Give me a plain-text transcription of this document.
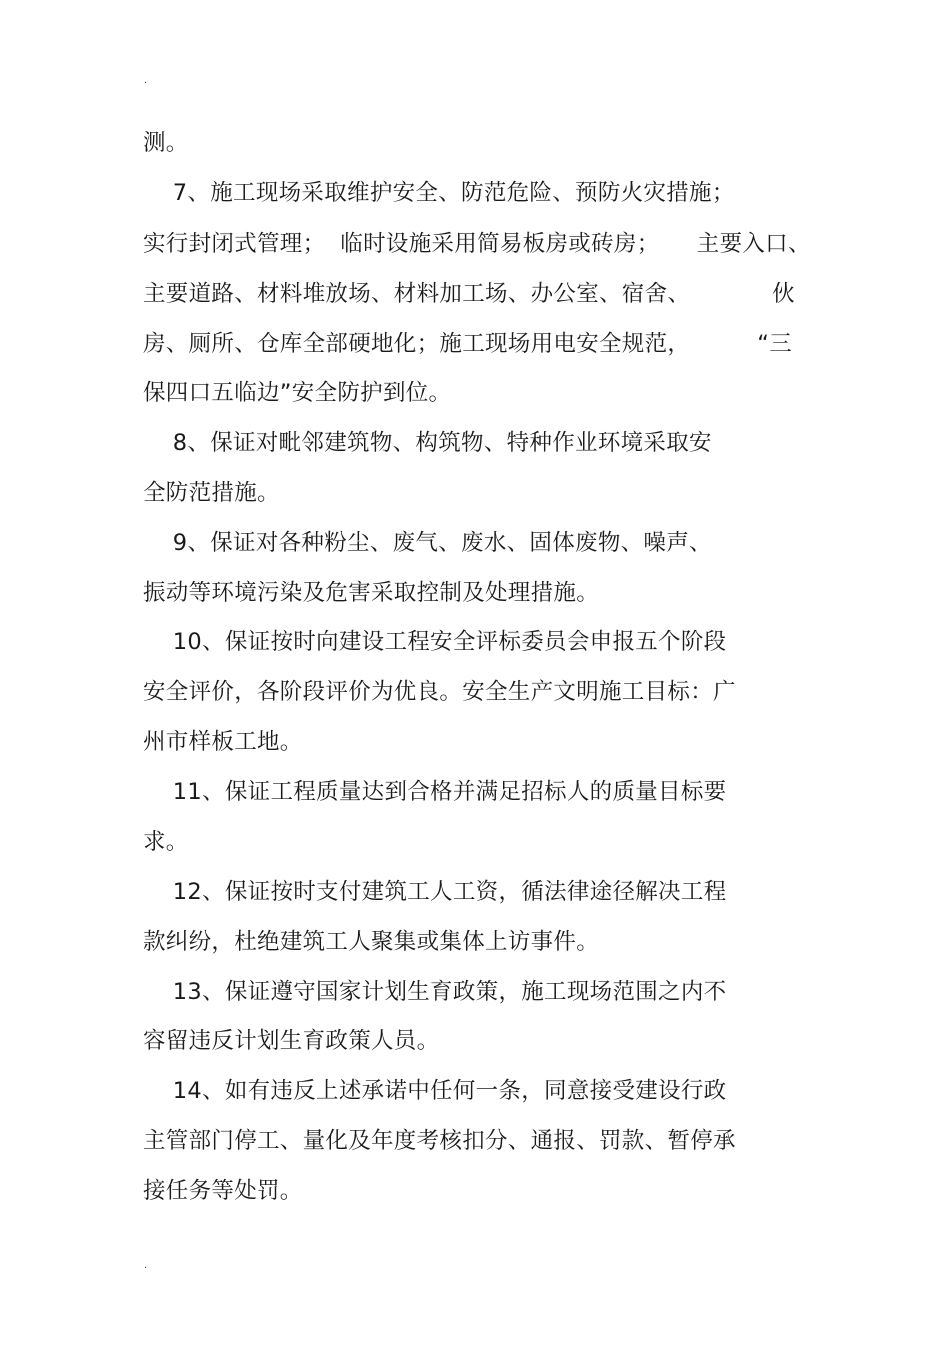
.
测。
7、施工现场采取维护安全、防范危险、预防火灾措施；
实行封闭式管理；  临时设施采用简易板房或砖房；     主要入口、
主要道路、材料堆放场、材料加工场、办公室、宿舍、           伙
房、厕所、仓库全部硬地化；施工现场用电安全规范，         “三
保四口五临边”安全防护到位。
8、保证对毗邻建筑物、构筑物、特种作业环境采取安
全防范措施。
9、保证对各种粉尘、废气、废水、固体废物、噪声、
振动等环境污染及危害采取控制及处理措施。
10、保证按时向建设工程安全评标委员会申报五个阶段
安全评价，各阶段评价为优良。安全生产文明施工目标：广
州市样板工地。
11、保证工程质量达到合格并满足招标人的质量目标要
求。
12、保证按时支付建筑工人工资，循法律途径解决工程
款纠纷，杜绝建筑工人聚集或集体上访事件。
13、保证遵守国家计划生育政策，施工现场范围之内不
容留违反计划生育政策人员。
14、如有违反上述承诺中任何一条，同意接受建设行政
主管部门停工、量化及年度考核扣分、通报、罚款、暂停承
接任务等处罚。
.
